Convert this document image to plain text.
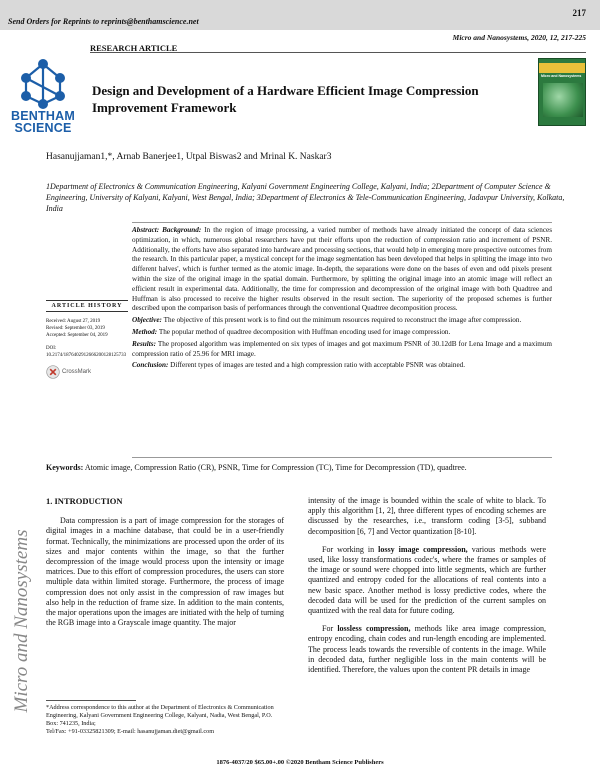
217
Send Orders for Reprints to reprints@benthamscience.net
Micro and Nanosystems, 2020, 12, 217-225
RESEARCH ARTICLE
BENTHAM
SCIENCE
Design and Development of a Hardware Efficient Image Compression Improvement Framework
Micro and Nanosystems
Hasanujjaman1,*, Arnab Banerjee1, Utpal Biswas2 and Mrinal K. Naskar3
1Department of Electronics & Communication Engineering, Kalyani Government Engineering College, Kalyani, India; 2Department of Computer Science & Engineering, University of Kalyani, Kalyani, West Bengal, India; 3Department of Electronics & Tele-Communication Engineering, Jadavpur University, Kolkata, India
Micro and Nanosystems
ARTICLE HISTORY
Received: August 27, 2019
Revised: September 03, 2019
Accepted: September 04, 2019
DOI:
10.2174/1876402912666200128125733
CrossMark

Abstract: Background: In the region of image processing, a varied number of methods have already initiated the concept of data sciences optimization, in which, numerous global researchers have put their efforts upon the reduction of compression ratio and increment of PSNR. Additionally, the efforts have also separated into hardware and processing sections, that would help in emerging more prospective outcomes from the research. In this particular paper, a mystical concept for the image segmentation has been developed that helps in splitting the image into two different halves', which is further termed as the atomic image. In-depth, the separations were done on the bases of even and odd pixels present within the size of the original image in the spatial domain. Furthermore, by splitting the original image into an atomic image will reflect an efficient result in experimental data. Additionally, the time for compression and decompression of the original image with both Quadtree and Huffman is also processed to receive the higher results observed in the result section. The superiority of the proposed schemes is further described upon the comparison basis of performances through the conventional Quadtree decomposition process.

Objective: The objective of this present work is to find out the minimum resources required to reconstruct the image after compression.

Method: The popular method of quadtree decomposition with Huffman encoding used for image compression.

Results: The proposed algorithm was implemented on six types of images and got maximum PSNR of 30.12dB for Lena Image and a maximum compression ratio of 25.96 for MRI image.

Conclusion: Different types of images are tested and a high compression ratio with acceptable PSNR was obtained.

Keywords: Atomic image, Compression Ratio (CR), PSNR, Time for Compression (TC), Time for Decompression (TD), quadtree.
1. INTRODUCTION

Data compression is a part of image compression for the storages of digital images in a machine database, that could be in a user-friendly format. Technically, the minimizations are processed upon the order of its sizes and major contents within the image, so that the further decompression of the image would process upon the intensity or image matrices. Due to this effort of compression procedures, the users can store multiple data within limited storage. Furthermore, the process of image compression does not only assist in the compression of raw images but also help in the reduction of frame size. In addition to the main contents, the major operations upon the images are initiated with the help of turning the RGB image into a Grayscale image quantity. The major

intensity of the image is bounded within the scale of white to black. To apply this algorithm [1, 2], three different types of encoding schemes are discussed by the researches, i.e., transform coding [3-5], subband decomposition [6, 7] and Vector quantization [8-10].

For working in lossy image compression, various methods were used, like lossy transformations codec's, where the frames or samples of the image or sound were chopped into little segments, which are further quantized and entropy coded for the allocations of real contents into a new basic space. Another method is lossy predictive codes, where the decoded data will be used for the prediction of the current samples on quantized with the real data for future coding.

For lossless compression, methods like area image compression, entropy encoding, chain codes and run-length encoding are implemented. The process leads towards the reversible of contents in the image. While in decoded data, further negligible loss in the main contents will be identified. Therefore, the values upon the content PR details in image

*Address correspondence to this author at the Department of Electronics & Communication Engineering, Kalyani Government Engineering College, Kalyani, Nadia, West Bengal, P.O. Box: 741235, India;
Tel/Fax: +91-03325821309; E-mail: hasanujjaman.diet@gmail.com
1876-4037/20 $65.00+.00 ©2020 Bentham Science Publishers
